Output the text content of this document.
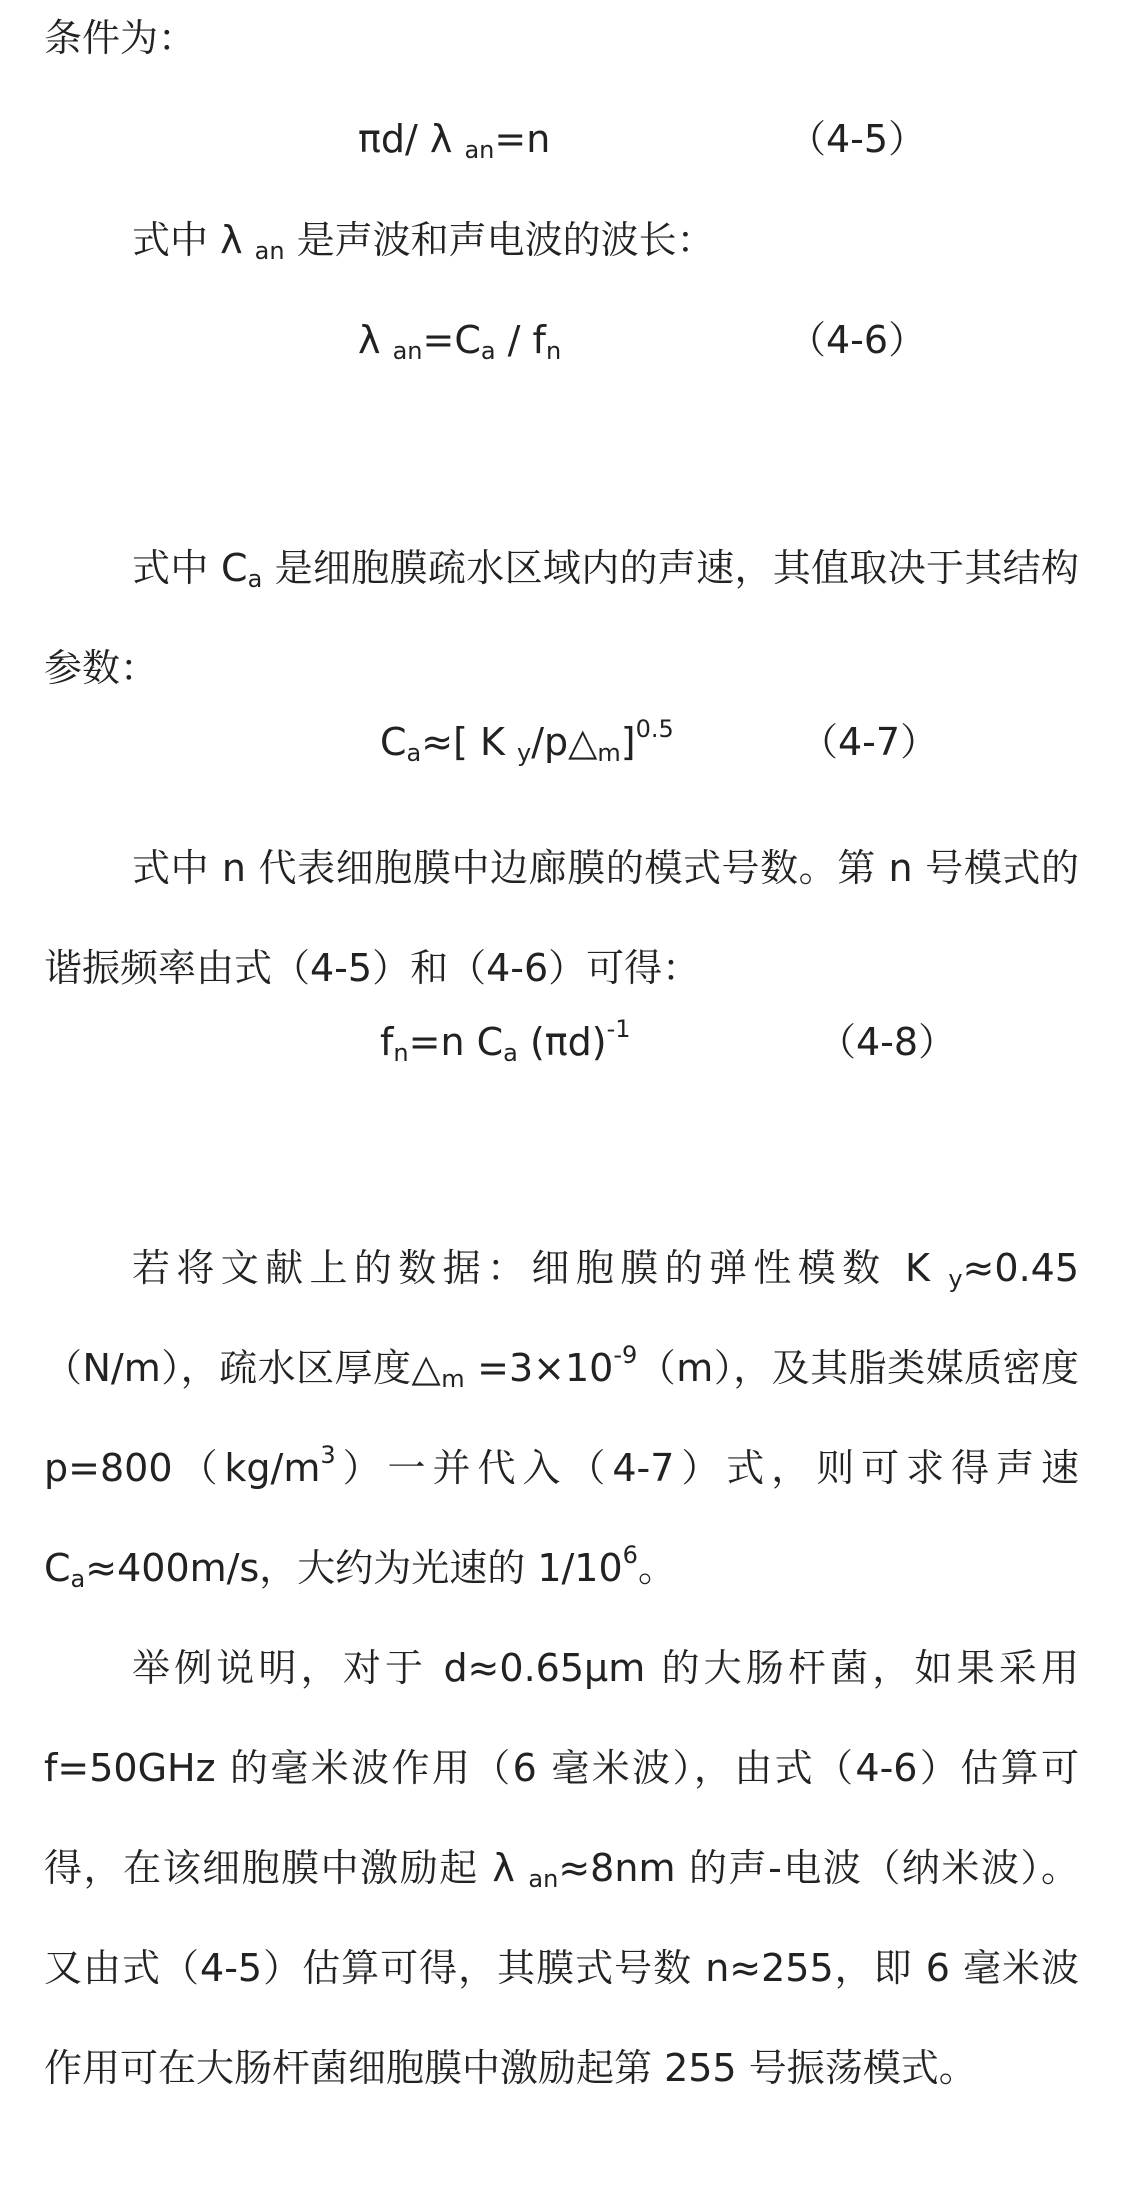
条件为：
πd/ λ $_{an}$=n	（4-5）
式中 λ $_{an}$ 是声波和声电波的波长：
λ $_{an}=C_a / f_n$	（4-6）
式中 $C_a$ 是细胞膜疏水区域内的声速，其值取决于其结构参数：
$C_a\approx$[ K $_y/p\triangle_m]^{0.5}$	（4-7）
式中 n 代表细胞膜中边廊膜的模式号数。第 n 号模式的谐振频率由式（4-5）和（4-6）可得：
$f_n=n$ $C_a$ $(\pi d)^{-1}$	（4-8）
若将文献上的数据：细胞膜的弹性模数 K $_y$≈0.45（N/m），疏水区厚度$\triangle_m =3\times 10^{-9}(m)$，及其脂类媒质密度 $p=800(kg/m^3)$一并代入（4-7）式，则可求得声速 $C_a\approx 400m/s$，大约为光速的 $1/10^6$。
举例说明，对于 d≈0.65μm 的大肠杆菌，如果采用 f=50GHz 的毫米波作用（6 毫米波），由式（4-6）估算可得，在该细胞膜中激励起 λ $_{an}$≈8nm 的声-电波（纳米波）。又由式（4-5）估算可得，其膜式号数 n≈255，即 6 毫米波作用可在大肠杆菌细胞膜中激励起第 255 号振荡模式。
